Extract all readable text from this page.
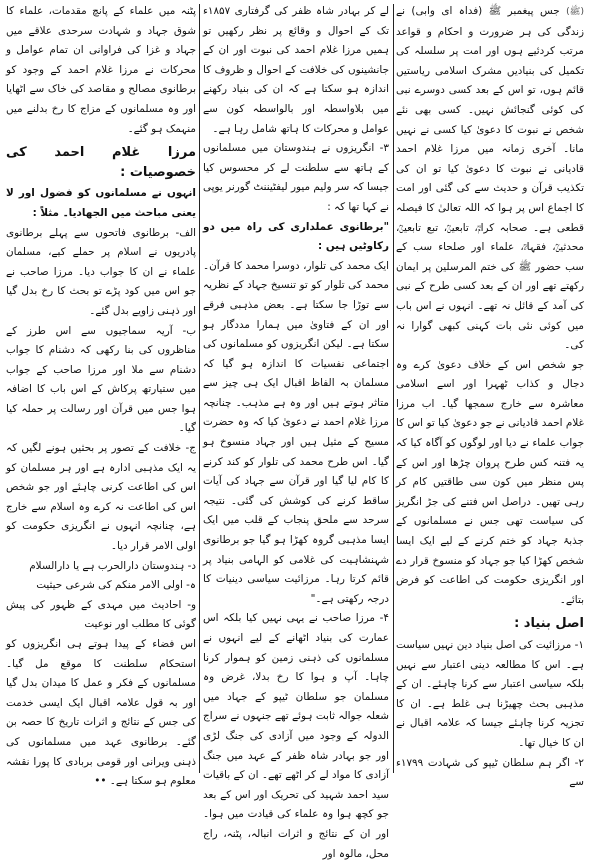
(ﷺ) جس پیغمبر ﷺ (فداہ ای وابی) نے زندگی کی ہر ضرورت و احکام و قواعد مرتب کردئیے ہوں اور امت پر سلسلہ کی تکمیل کی بنیادیں مشرک اسلامی ریاستیں قائم ہوں، تو اس کے بعد کسی دوسرے نبی کی کوئی گنجائش نہیں۔ کسی بھی نئے شخص نے نبوت کا دعویٰ کیا کسی نے نہیں مانا۔ آخری زمانہ میں مرزا غلام احمد قادیانی نے نبوت کا دعویٰ کیا تو ان کی تکذیب قرآن و حدیث سے کی گئی اور امت کا اجماع اس پر ہوا کہ اللہ تعالیٰ کا فیصلہ قطعی ہے۔ صحابہ کرامؓ، تابعینؒ، تبع تابعینؒ، محدثینؒ، فقہاءؒ، علماء اور صلحاء سب کے سب حضور ﷺ کی ختم المرسلین پر ایمان رکھتے تھے اور ان کے بعد کسی طرح کے نبی کی آمد کے قائل نہ تھے۔ انہوں نے اس باب میں کوئی نئی بات کہنی کبھی گوارا نہ کی۔

جو شخص اس کے خلاف دعویٰ کرے وہ دجال و کذاب ٹھہرا اور اسے اسلامی معاشرہ سے خارج سمجھا گیا۔ اب مرزا غلام احمد قادیانی نے جو دعویٰ کیا تو اس کا جواب علماء نے دیا اور لوگوں کو آگاہ کیا کہ یہ فتنہ کس طرح پروان چڑھا اور اس کے پس منظر میں کون سی طاقتیں کام کر رہی تھیں۔ دراصل اس فتنے کی جڑ انگریز کی سیاست تھی جس نے مسلمانوں کے جذبۂ جہاد کو ختم کرنے کے لیے ایک ایسا شخص کھڑا کیا جو جہاد کو منسوخ قرار دے اور انگریزی حکومت کی اطاعت کو فرض بتائے۔

اصل بنیاد :

۱- مرزائیت کی اصل بنیاد دین نہیں سیاست ہے۔ اس کا مطالعہ دینی اعتبار سے نہیں بلکہ سیاسی اعتبار سے کرنا چاہئے۔ ان کے مذہبی بحث چھیڑنا ہی غلط ہے۔ ان کا تجزیہ کرنا چاہئے جیسا کہ علامہ اقبال نے ان کا خیال تھا۔

۲- اگر ہم سلطان ٹیپو کی شہادت ۱۷۹۹ء سے

لے کر بہادر شاہ ظفر کی گرفتاری ۱۸۵۷ء تک کے احوال و وقائع پر نظر رکھیں تو ہمیں مرزا غلام احمد کی نبوت اور ان کے جانشینوں کی خلافت کے احوال و ظروف کا اندازہ ہو سکتا ہے کہ ان کی بنیاد رکھنے میں بلاواسطہ اور بالواسطہ کون سے عوامل و محرکات کا ہاتھ شامل رہا ہے۔

۳- انگریزوں نے ہندوستان میں مسلمانوں کے ہاتھ سے سلطنت لے کر محسوس کیا جیسا کہ سر ولیم میور لیفٹیننٹ گورنر یوپی نے کہا تھا کہ :

"برطانوی عملداری کی راہ میں دو رکاوٹیں ہیں :

ایک محمد کی تلوار، دوسرا محمد کا قرآن۔ محمد کی تلوار کو تو تنسیخ جہاد کے نظریہ سے توڑا جا سکتا ہے۔ بعض مذہبی فرقے اور ان کے فتاویٰ میں ہمارا مددگار ہو سکتا ہے۔ لیکن انگریزوں کو مسلمانوں کی اجتماعی نفسیات کا اندازہ ہو گیا کہ مسلمان بہ الفاظ اقبال ایک ہی چیز سے متاثر ہوتے ہیں اور وہ ہے مذہب۔ چنانچہ مرزا غلام احمد نے دعویٰ کیا کہ وہ حضرت مسیح کے مثیل ہیں اور جہاد منسوخ ہو گیا۔ اس طرح محمد کی تلوار کو کند کرنے کا کام لیا گیا اور قرآن سے جہاد کی آیات ساقط کرنے کی کوشش کی گئی۔ نتیجہ سرحد سے ملحق پنجاب کے قلب میں ایک ایسا مذہبی گروہ کھڑا ہو گیا جو برطانوی شہنشاہیت کی غلامی کو الہامی بنیاد پر قائم کرتا رہا۔ مرزائیت سیاسی دینیات کا درجہ رکھتی ہے۔"

۴- مرزا صاحب نے یہی نہیں کیا بلکہ اس عمارت کی بنیاد اٹھانے کے لیے انہوں نے مسلمانوں کی ذہنی زمین کو ہموار کرنا چاہا۔ آپ و ہوا کا رخ بدلا، غرض وہ مسلمان جو سلطان ٹیپو کے جہاد میں شعلہ جوالہ ثابت ہوئے تھے جنہوں نے سراج الدولہ کے وجود میں آزادی کی جنگ لڑی اور جو بہادر شاہ ظفر کے عہد میں جنگ آزادی کا مواد لے کر اٹھے تھے۔ ان کے باقیات سید احمد شہید کی تحریک اور اس کے بعد جو کچھ ہوا وہ علماء کی قیادت میں ہوا۔ اور ان کے نتائج و اثرات انبالہ، پٹنہ، راج محل، مالوہ اور

پٹنہ میں علماء کے پانچ مقدمات، علماء کا شوق جہاد و شہادت سرحدی علاقے میں جہاد و غزا کی فراوانی ان تمام عوامل و محرکات نے مرزا غلام احمد کے وجود کو برطانوی مصالح و مقاصد کی خاک سے اٹھایا اور وہ مسلمانوں کے مزاج کا رخ بدلنے میں منہمک ہو گئے۔

مرزا غلام احمد کی خصوصیات :

انہوں نے مسلمانوں کو فضول اور لا یعنی مباحث میں الجھادیا۔ مثلاً :

الف- برطانوی فاتحوں سے پہلے برطانوی پادریوں نے اسلام پر حملے کیے، مسلمان علماء نے ان کا جواب دیا۔ مرزا صاحب نے جو اس میں کود پڑے تو بحث کا رخ بدل گیا اور ذہنی زاویے بدل گئے۔

ب- آریہ سماجیوں سے اس طرز کے مناظروں کی بنا رکھی کہ دشنام کا جواب دشنام سے ملا اور مرزا صاحب کے جواب میں ستیارتھ پرکاش کے اس باب کا اضافہ ہوا جس میں قرآن اور رسالت پر حملہ کیا گیا۔

ج- خلافت کے تصور پر بحثیں ہونے لگیں کہ یہ ایک مذہبی ادارہ ہے اور ہر مسلمان کو اس کی اطاعت کرنی چاہئے اور جو شخص اس کی اطاعت نہ کرے وہ اسلام سے خارج ہے، چنانچہ انہوں نے انگریزی حکومت کو اولی الامر قرار دیا۔

د- ہندوستان دارالحرب ہے یا دارالسلام

ہ- اولی الامر منکم کی شرعی حیثیت

و- احادیث میں مہدی کے ظہور کی پیش گوئی کا مطلب اور نوعیت

اس فضاء کے پیدا ہوتے ہی انگریزوں کو استحکام سلطنت کا موقع مل گیا۔ مسلمانوں کے فکر و عمل کا میدان بدل گیا اور بہ قول علامہ اقبال ایک ایسی خدمت کی جس کے نتائج و اثرات تاریخ کا حصہ بن گئے۔ برطانوی عہد میں مسلمانوں کی ذہنی ویرانی اور قومی بربادی کا پورا نقشہ معلوم ہو سکتا ہے۔ ••
